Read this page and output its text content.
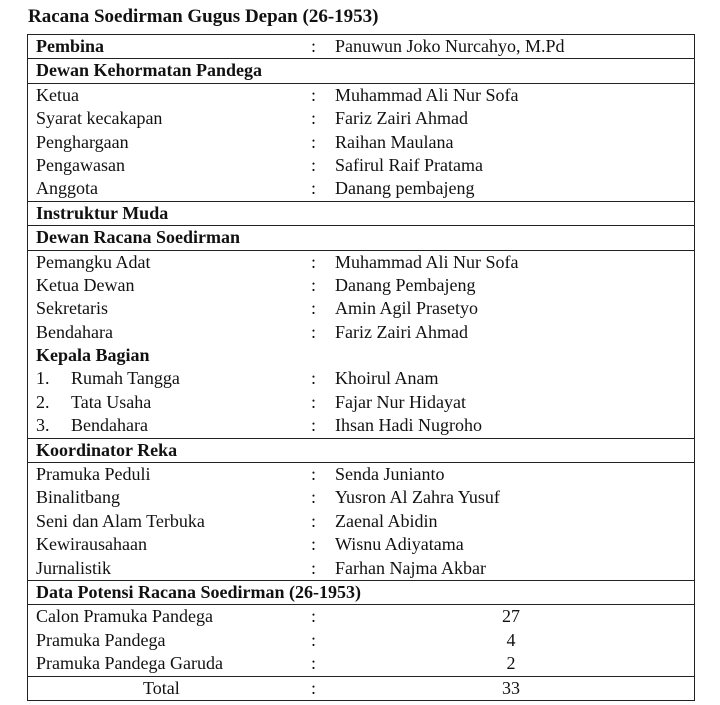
Racana Soedirman Gugus Depan (26-1953)
Pembina	: Panuwun Joko Nurcahyo, M.Pd
Dewan Kehormatan Pandega
Ketua	: Muhammad Ali Nur Sofa
Syarat kecakapan	: Fariz Zairi Ahmad
Penghargaan	: Raihan Maulana
Pengawasan	: Safirul Raif Pratama
Anggota	: Danang pembajeng
Instruktur Muda
Dewan Racana Soedirman
Pemangku Adat	: Muhammad Ali Nur Sofa
Ketua Dewan	: Danang Pembajeng
Sekretaris	: Amin Agil Prasetyo
Bendahara	: Fariz Zairi Ahmad
Kepala Bagian
1. Rumah Tangga	: Khoirul Anam
2. Tata Usaha	: Fajar Nur Hidayat
3. Bendahara	: Ihsan Hadi Nugroho
Koordinator Reka
Pramuka Peduli	: Senda Junianto
Binalitbang	: Yusron Al Zahra Yusuf
Seni dan Alam Terbuka	: Zaenal Abidin
Kewirausahaan	: Wisnu Adiyatama
Jurnalistik	: Farhan Najma Akbar
Data Potensi Racana Soedirman (26-1953)
Calon Pramuka Pandega	:	27
Pramuka Pandega	:	4
Pramuka Pandega Garuda	:	2
Total	:	33
